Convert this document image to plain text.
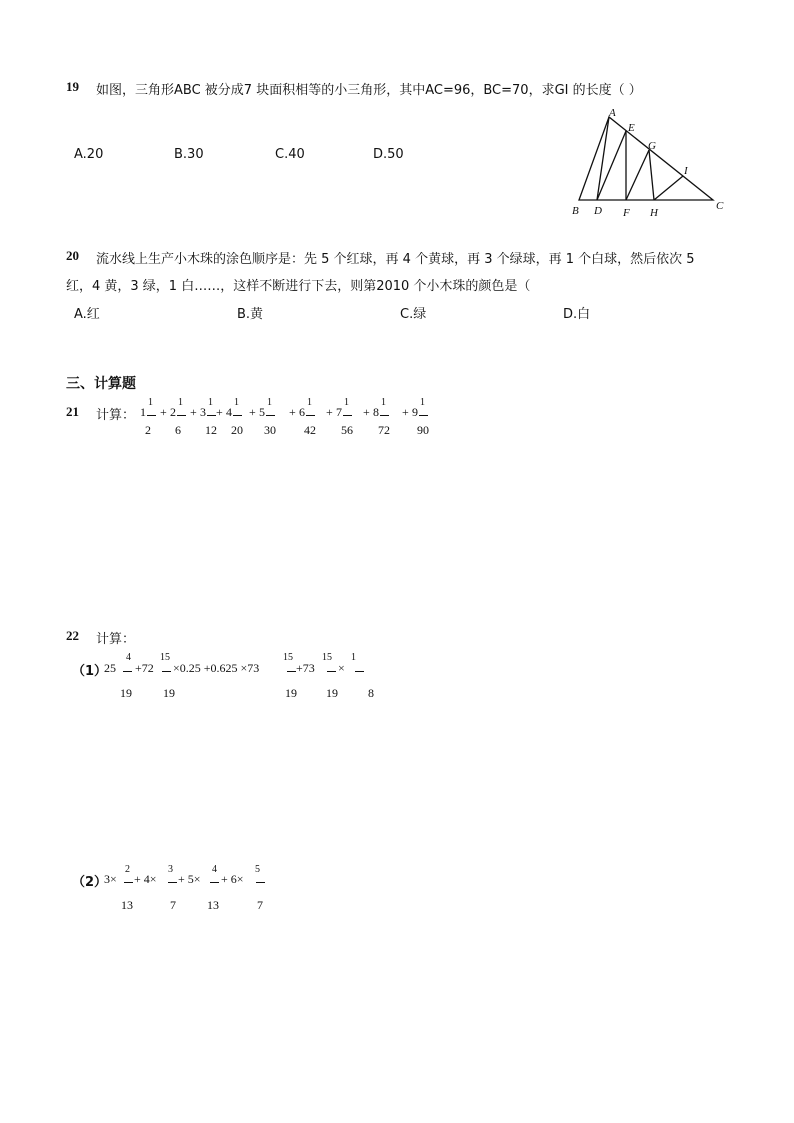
19 如图，三角形ABC 被分成7 块面积相等的小三角形，其中AC=96，BC=70，求GI 的长度（ ）
A.20	B.30	C.40	D.50
A
E
G
I
B D F H
C
20 流水线上生产小木珠的涂色顺序是：先 5 个红球，再 4 个黄球，再 3 个绿球，再 1 个白球，然后依次 5
红，4 黄，3 绿，1 白……，这样不断进行下去，则第2010 个小木珠的颜色是（
A.红	B.黄	C.绿	D.白
三、计算题
21 计算： 1
1
2
+ 2
1
6
+ 3
1
12
+ 4
1
20
+ 5
1
30
+ 6
1
42
+ 7
1
56
+ 8
1
72
+ 9
1
90
22 计算：
（1）
25
4
19
+72
15
19
×0.25 +0.625 ×73
15
19
+73
15
19
×
1
8
（2）
3×
2
13
+ 4×
3
7
+ 5×
4
13
+ 6×
5
7
